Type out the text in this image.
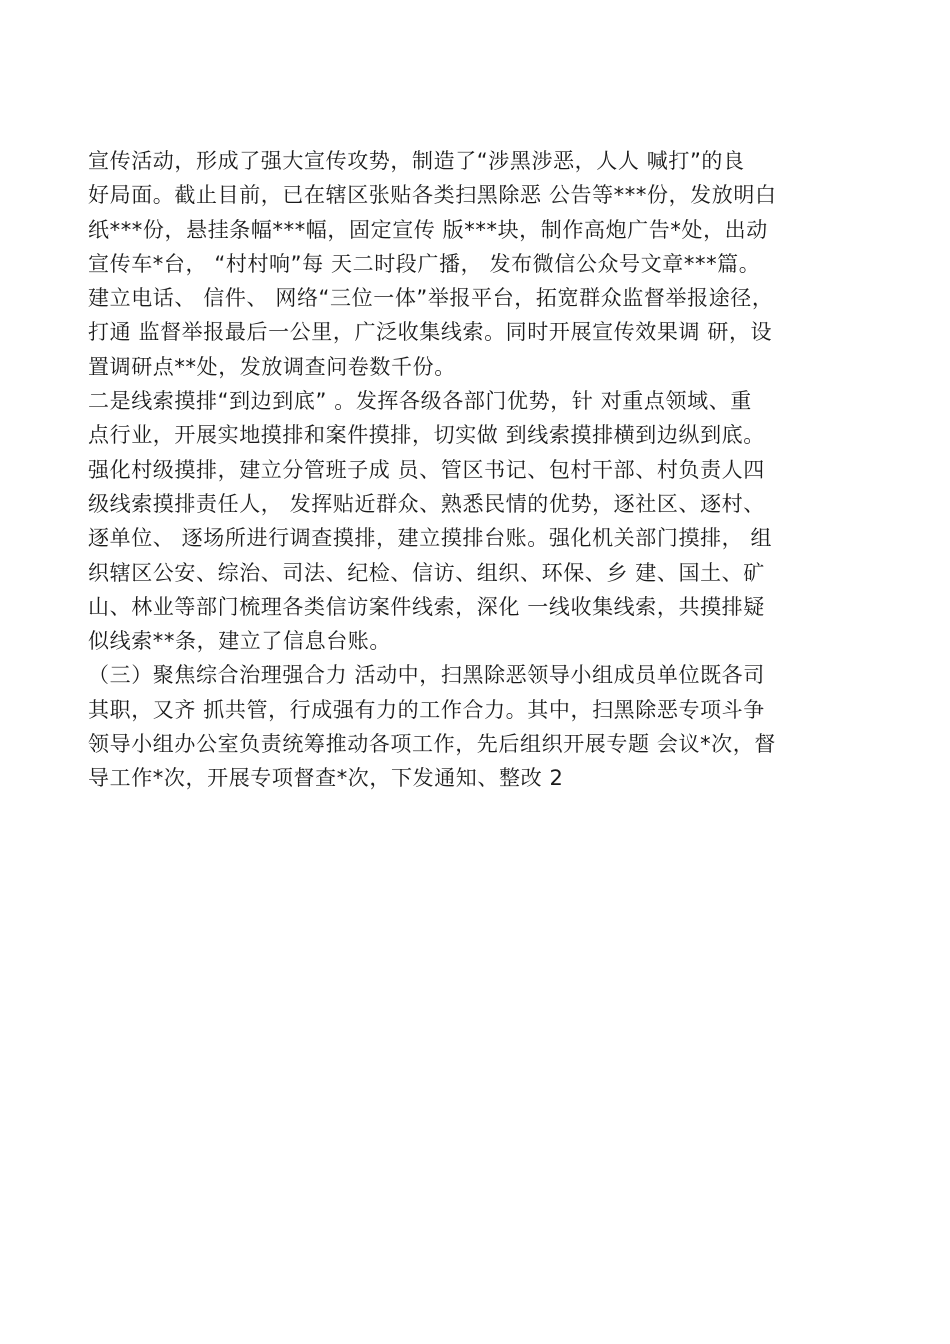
宣传活动，形成了强大宣传攻势，制造了“涉黑涉恶，人人 喊打”的良
好局面。截止目前，已在辖区张贴各类扫黑除恶 公告等***份，发放明白
纸***份，悬挂条幅***幅，固定宣传 版***块，制作高炮广告*处，出动
宣传车*台， “村村响”每 天二时段广播， 发布微信公众号文章***篇。
建立电话、 信件、 网络“三位一体”举报平台，拓宽群众监督举报途径，
打通 监督举报最后一公里，广泛收集线索。同时开展宣传效果调 研，设
置调研点**处，发放调查问卷数千份。
二是线索摸排“到边到底” 。发挥各级各部门优势，针 对重点领域、重
点行业，开展实地摸排和案件摸排，切实做 到线索摸排横到边纵到底。
强化村级摸排，建立分管班子成 员、管区书记、包村干部、村负责人四
级线索摸排责任人， 发挥贴近群众、熟悉民情的优势，逐社区、逐村、
逐单位、 逐场所进行调查摸排，建立摸排台账。强化机关部门摸排， 组
织辖区公安、综治、司法、纪检、信访、组织、环保、乡 建、国土、矿
山、林业等部门梳理各类信访案件线索，深化 一线收集线索，共摸排疑
似线索**条，建立了信息台账。
（三）聚焦综合治理强合力 活动中，扫黑除恶领导小组成员单位既各司
其职，又齐 抓共管，行成强有力的工作合力。其中，扫黑除恶专项斗争
领导小组办公室负责统筹推动各项工作，先后组织开展专题 会议*次，督
导工作*次，开展专项督查*次，下发通知、整改 2
